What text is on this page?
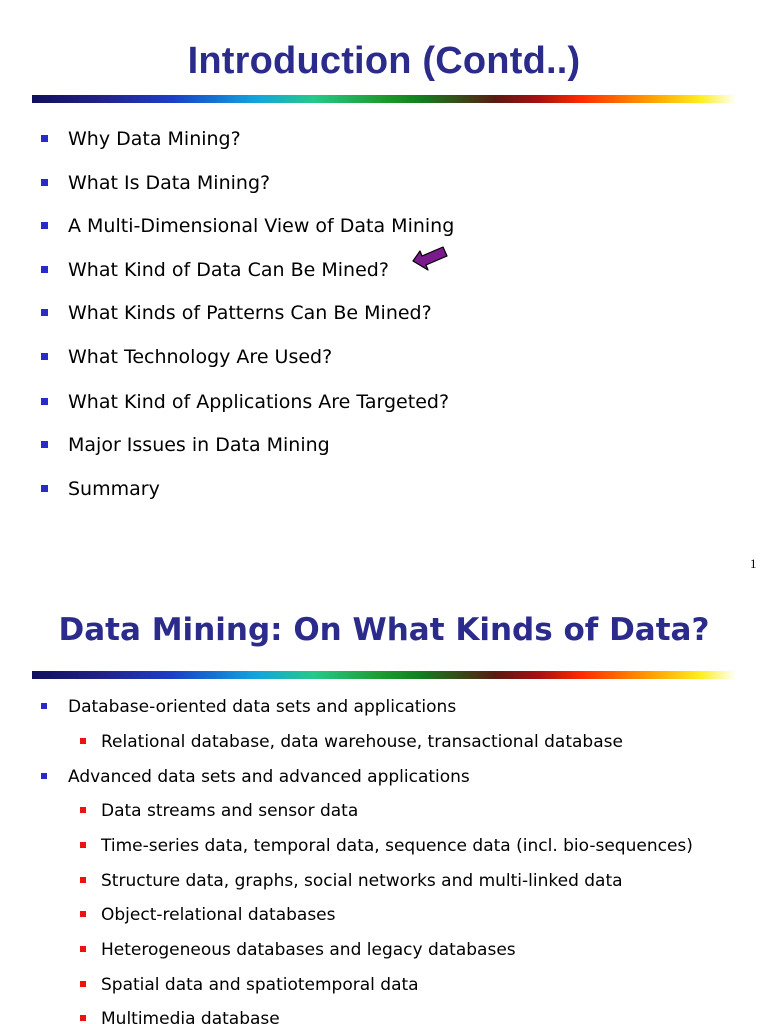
Introduction (Contd..)
Why Data Mining?
What Is Data Mining?
A Multi-Dimensional View of Data Mining
What Kind of Data Can Be Mined?
What Kinds of Patterns Can Be Mined?
What Technology Are Used?
What Kind of Applications Are Targeted?
Major Issues in Data Mining
Summary
1
Data Mining: On What Kinds of Data?
Database-oriented data sets and applications
Relational database, data warehouse, transactional database
Advanced data sets and advanced applications
Data streams and sensor data
Time-series data, temporal data, sequence data (incl. bio-sequences)
Structure data, graphs, social networks and multi-linked data
Object-relational databases
Heterogeneous databases and legacy databases
Spatial data and spatiotemporal data
Multimedia database
